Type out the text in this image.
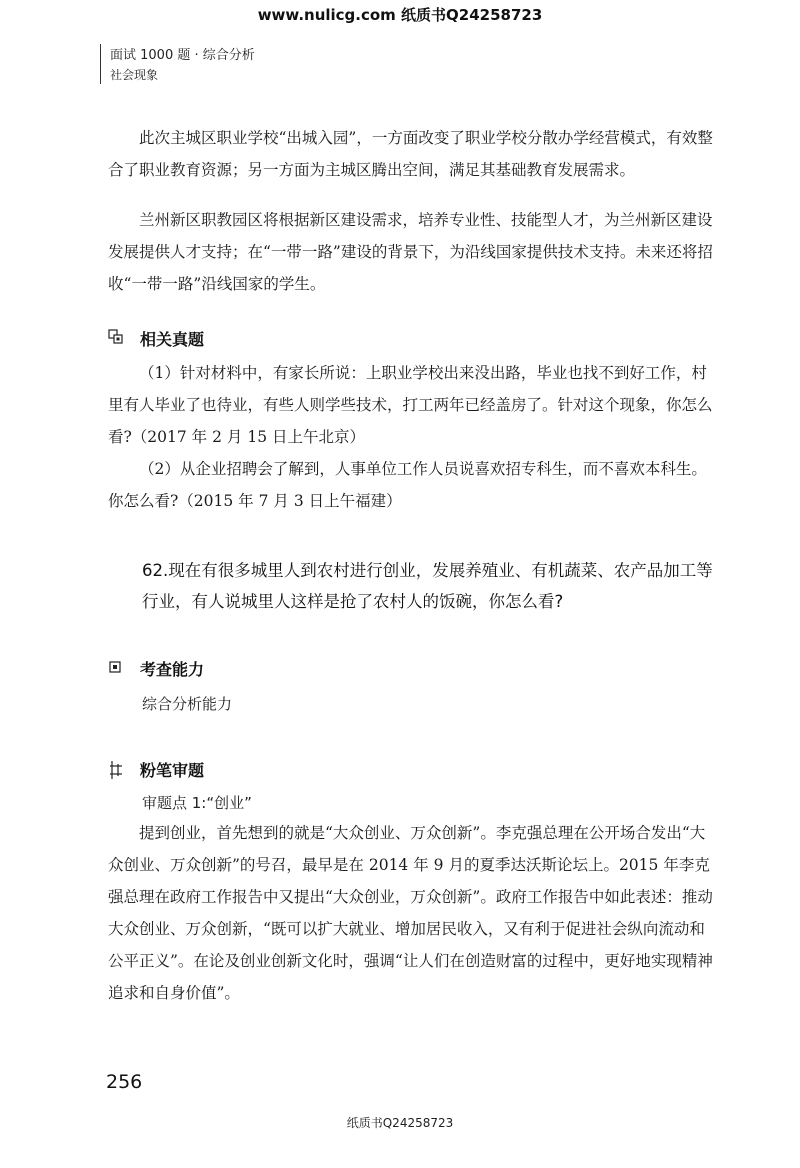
www.nulicg.com 纸质书Q24258723
面试 1000 题 · 综合分析
社会现象
此次主城区职业学校“出城入园”，一方面改变了职业学校分散办学经营模式，有效整合了职业教育资源；另一方面为主城区腾出空间，满足其基础教育发展需求。
兰州新区职教园区将根据新区建设需求，培养专业性、技能型人才，为兰州新区建设发展提供人才支持；在“一带一路”建设的背景下，为沿线国家提供技术支持。未来还将招收“一带一路”沿线国家的学生。
相关真题
（1）针对材料中，有家长所说：上职业学校出来没出路，毕业也找不到好工作，村里有人毕业了也待业，有些人则学些技术，打工两年已经盖房了。针对这个现象，你怎么看?（2017 年 2 月 15 日上午北京）
（2）从企业招聘会了解到，人事单位工作人员说喜欢招专科生，而不喜欢本科生。你怎么看?（2015 年 7 月 3 日上午福建）
62.现在有很多城里人到农村进行创业，发展养殖业、有机蔬菜、农产品加工等行业，有人说城里人这样是抢了农村人的饭碗，你怎么看?
考查能力
综合分析能力
粉笔审题
审题点 1:“创业”
提到创业，首先想到的就是“大众创业、万众创新”。李克强总理在公开场合发出“大众创业、万众创新”的号召，最早是在 2014 年 9 月的夏季达沃斯论坛上。2015 年李克强总理在政府工作报告中又提出“大众创业，万众创新”。政府工作报告中如此表述：推动大众创业、万众创新，“既可以扩大就业、增加居民收入，又有利于促进社会纵向流动和公平正义”。在论及创业创新文化时，强调“让人们在创造财富的过程中，更好地实现精神追求和自身价值”。
256
纸质书Q24258723
